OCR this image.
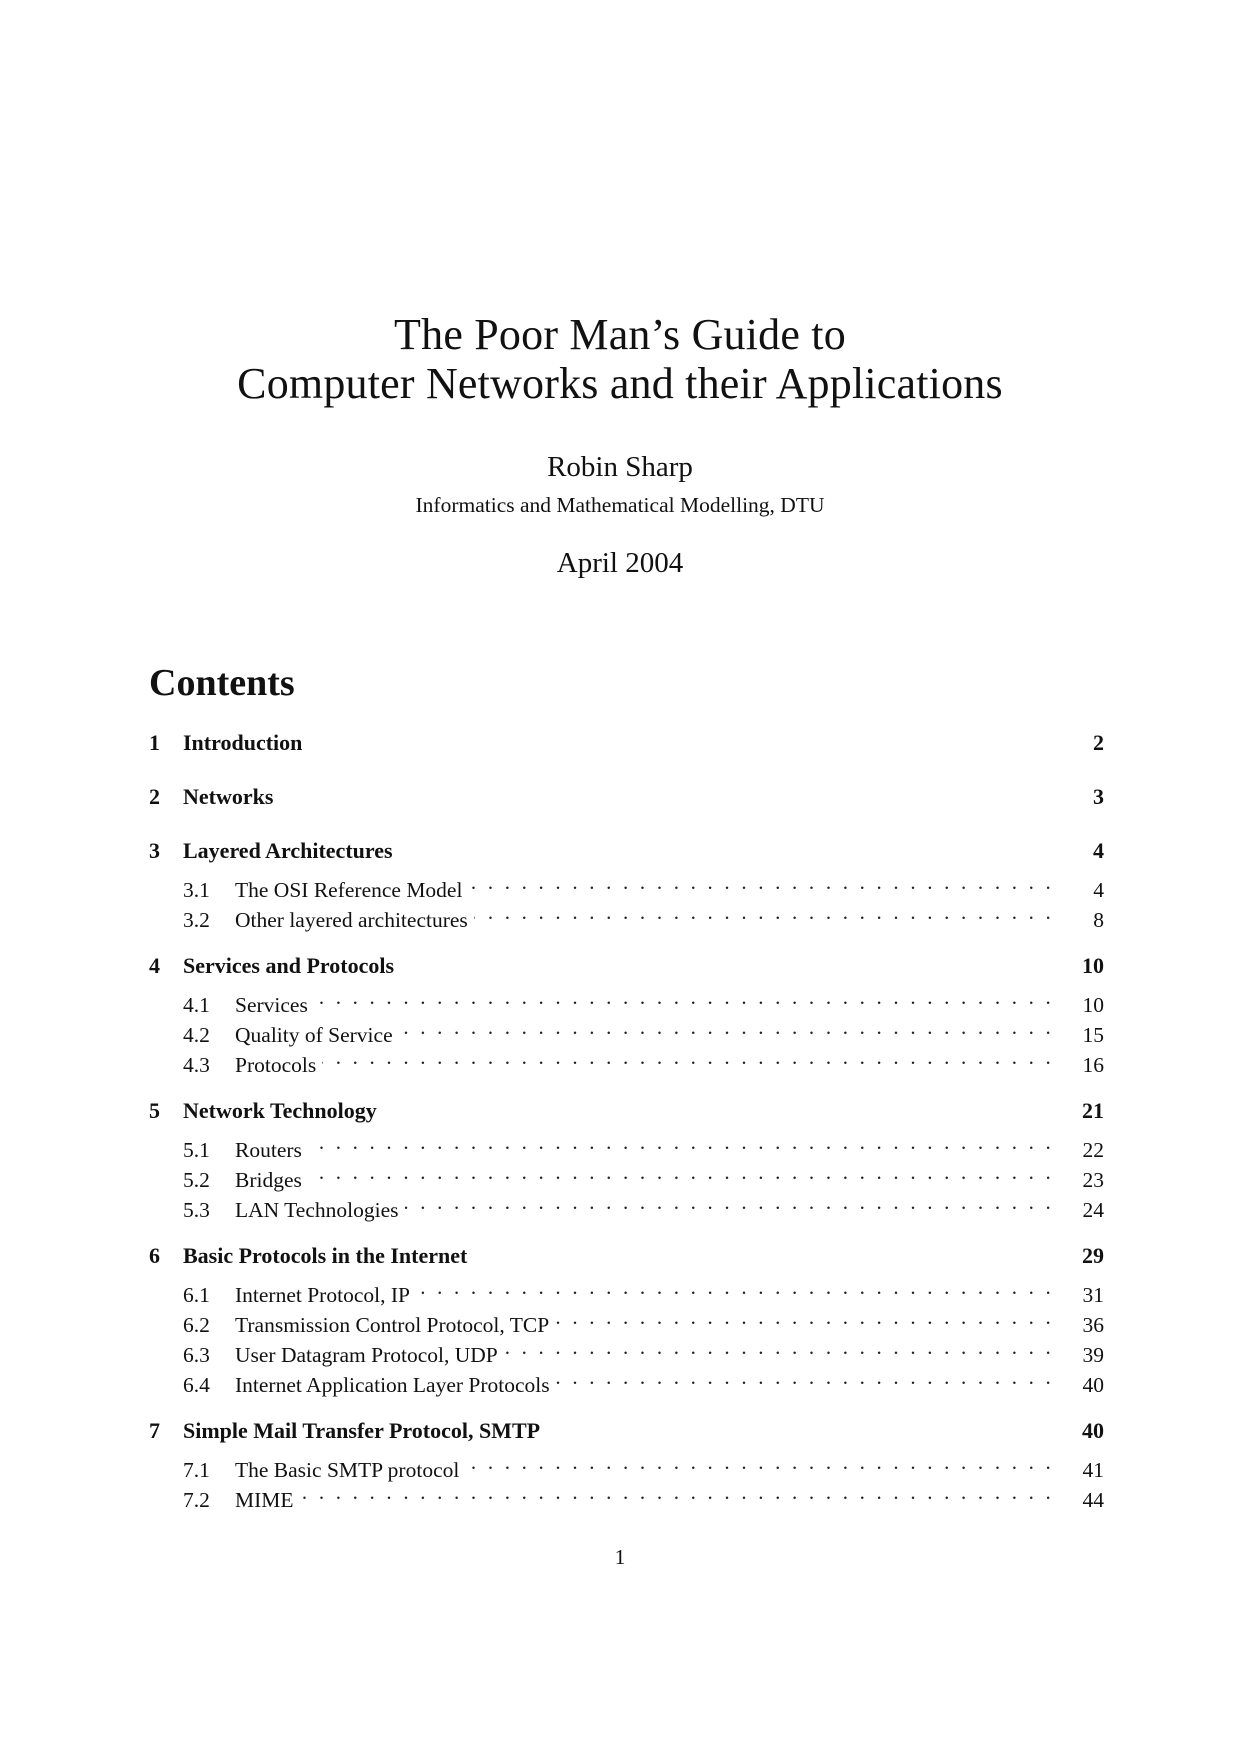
The Poor Man’s Guide to
Computer Networks and their Applications
Robin Sharp
Informatics and Mathematical Modelling, DTU
April 2004
Contents
1	Introduction	2
2	Networks	3
3	Layered Architectures	4
3.1	The OSI Reference Model . . .	4
3.2	Other layered architectures . . .	8
4	Services and Protocols	10
4.1	Services . . .	10
4.2	Quality of Service . . .	15
4.3	Protocols . . .	16
5	Network Technology	21
5.1	Routers . . .	22
5.2	Bridges . . .	23
5.3	LAN Technologies . . .	24
6	Basic Protocols in the Internet	29
6.1	Internet Protocol, IP . . .	31
6.2	Transmission Control Protocol, TCP . . .	36
6.3	User Datagram Protocol, UDP . . .	39
6.4	Internet Application Layer Protocols . . .	40
7	Simple Mail Transfer Protocol, SMTP	40
7.1	The Basic SMTP protocol . . .	41
7.2	MIME . . .	44
1
